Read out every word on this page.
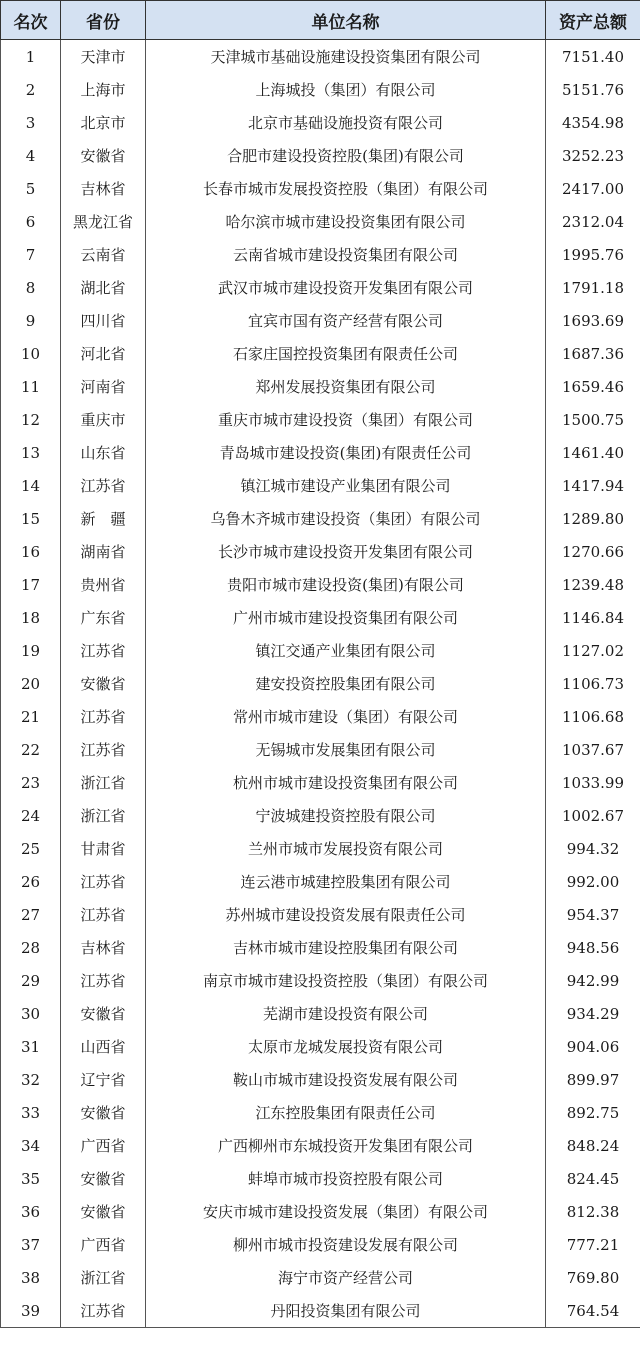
名次	省份	单位名称	资产总额
1	天津市	天津城市基础设施建设投资集团有限公司	7151.40
2	上海市	上海城投（集团）有限公司	5151.76
3	北京市	北京市基础设施投资有限公司	4354.98
4	安徽省	合肥市建设投资控股(集团)有限公司	3252.23
5	吉林省	长春市城市发展投资控股（集团）有限公司	2417.00
6	黑龙江省	哈尔滨市城市建设投资集团有限公司	2312.04
7	云南省	云南省城市建设投资集团有限公司	1995.76
8	湖北省	武汉市城市建设投资开发集团有限公司	1791.18
9	四川省	宜宾市国有资产经营有限公司	1693.69
10	河北省	石家庄国控投资集团有限责任公司	1687.36
11	河南省	郑州发展投资集团有限公司	1659.46
12	重庆市	重庆市城市建设投资（集团）有限公司	1500.75
13	山东省	青岛城市建设投资(集团)有限责任公司	1461.40
14	江苏省	镇江城市建设产业集团有限公司	1417.94
15	新　疆	乌鲁木齐城市建设投资（集团）有限公司	1289.80
16	湖南省	长沙市城市建设投资开发集团有限公司	1270.66
17	贵州省	贵阳市城市建设投资(集团)有限公司	1239.48
18	广东省	广州市城市建设投资集团有限公司	1146.84
19	江苏省	镇江交通产业集团有限公司	1127.02
20	安徽省	建安投资控股集团有限公司	1106.73
21	江苏省	常州市城市建设（集团）有限公司	1106.68
22	江苏省	无锡城市发展集团有限公司	1037.67
23	浙江省	杭州市城市建设投资集团有限公司	1033.99
24	浙江省	宁波城建投资控股有限公司	1002.67
25	甘肃省	兰州市城市发展投资有限公司	994.32
26	江苏省	连云港市城建控股集团有限公司	992.00
27	江苏省	苏州城市建设投资发展有限责任公司	954.37
28	吉林省	吉林市城市建设控股集团有限公司	948.56
29	江苏省	南京市城市建设投资控股（集团）有限公司	942.99
30	安徽省	芜湖市建设投资有限公司	934.29
31	山西省	太原市龙城发展投资有限公司	904.06
32	辽宁省	鞍山市城市建设投资发展有限公司	899.97
33	安徽省	江东控股集团有限责任公司	892.75
34	广西省	广西柳州市东城投资开发集团有限公司	848.24
35	安徽省	蚌埠市城市投资控股有限公司	824.45
36	安徽省	安庆市城市建设投资发展（集团）有限公司	812.38
37	广西省	柳州市城市投资建设发展有限公司	777.21
38	浙江省	海宁市资产经营公司	769.80
39	江苏省	丹阳投资集团有限公司	764.54
